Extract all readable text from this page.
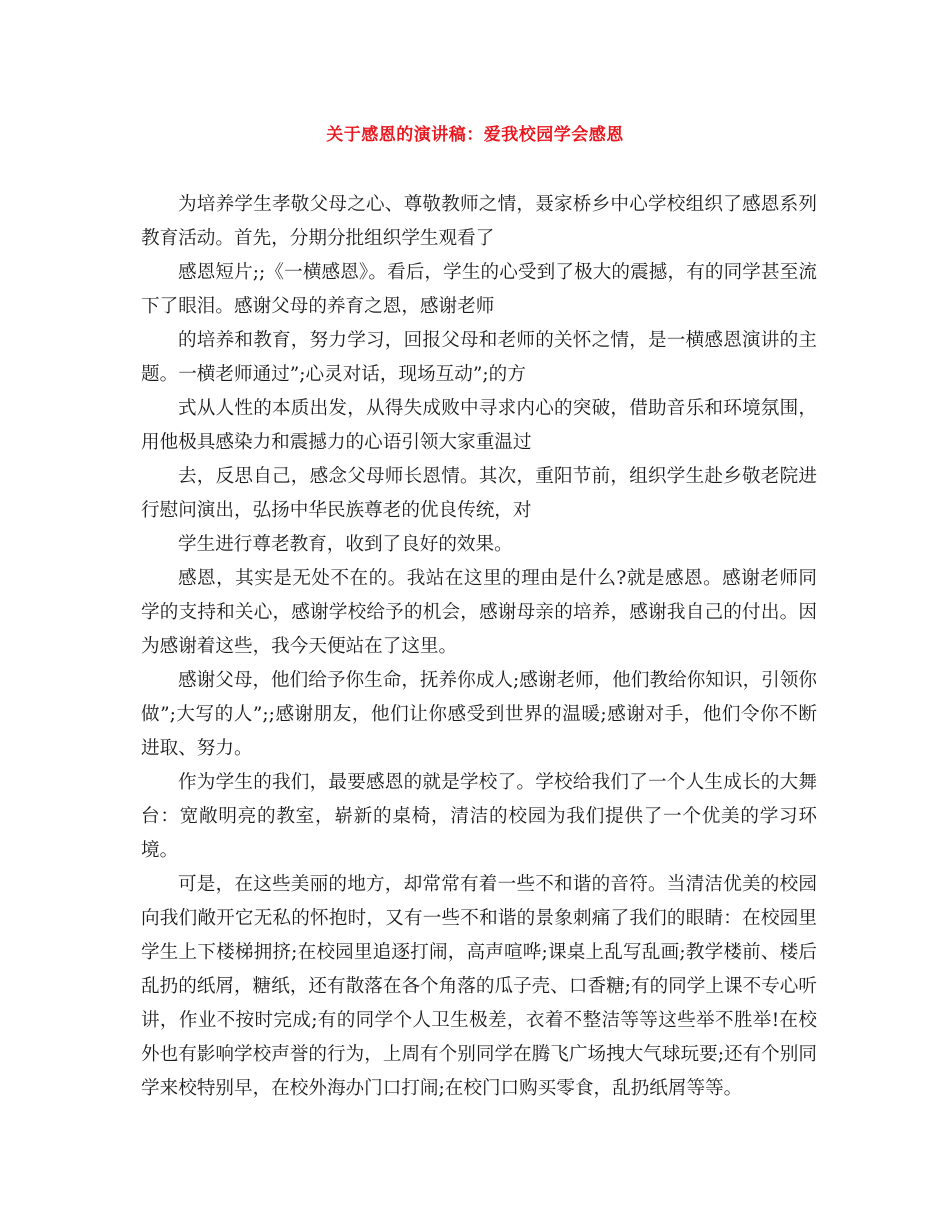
关于感恩的演讲稿：爱我校园学会感恩

为培养学生孝敬父母之心、尊敬教师之情，聂家桥乡中心学校组织了感恩系列教育活动。首先，分期分批组织学生观看了

感恩短片;;《一横感恩》。看后，学生的心受到了极大的震撼，有的同学甚至流下了眼泪。感谢父母的养育之恩，感谢老师

的培养和教育，努力学习，回报父母和老师的关怀之情，是一横感恩演讲的主题。一横老师通过”;心灵对话，现场互动”;的方

式从人性的本质出发，从得失成败中寻求内心的突破，借助音乐和环境氛围，用他极具感染力和震撼力的心语引领大家重温过

去，反思自己，感念父母师长恩情。其次，重阳节前，组织学生赴乡敬老院进行慰问演出，弘扬中华民族尊老的优良传统，对

学生进行尊老教育，收到了良好的效果。

感恩，其实是无处不在的。我站在这里的理由是什么?就是感恩。感谢老师同学的支持和关心，感谢学校给予的机会，感谢母亲的培养，感谢我自己的付出。因为感谢着这些，我今天便站在了这里。

感谢父母，他们给予你生命，抚养你成人;感谢老师，他们教给你知识，引领你做”;大写的人”;;感谢朋友，他们让你感受到世界的温暖;感谢对手，他们令你不断进取、努力。

作为学生的我们，最要感恩的就是学校了。学校给我们了一个人生成长的大舞台：宽敞明亮的教室，崭新的桌椅，清洁的校园为我们提供了一个优美的学习环境。

可是，在这些美丽的地方，却常常有着一些不和谐的音符。当清洁优美的校园向我们敞开它无私的怀抱时，又有一些不和谐的景象刺痛了我们的眼睛：在校园里学生上下楼梯拥挤;在校园里追逐打闹，高声喧哗;课桌上乱写乱画;教学楼前、楼后乱扔的纸屑，糖纸，还有散落在各个角落的瓜子壳、口香糖;有的同学上课不专心听讲，作业不按时完成;有的同学个人卫生极差，衣着不整洁等等这些举不胜举!在校外也有影响学校声誉的行为，上周有个别同学在腾飞广场拽大气球玩要;还有个别同学来校特别早，在校外海办门口打闹;在校门口购买零食，乱扔纸屑等等。
